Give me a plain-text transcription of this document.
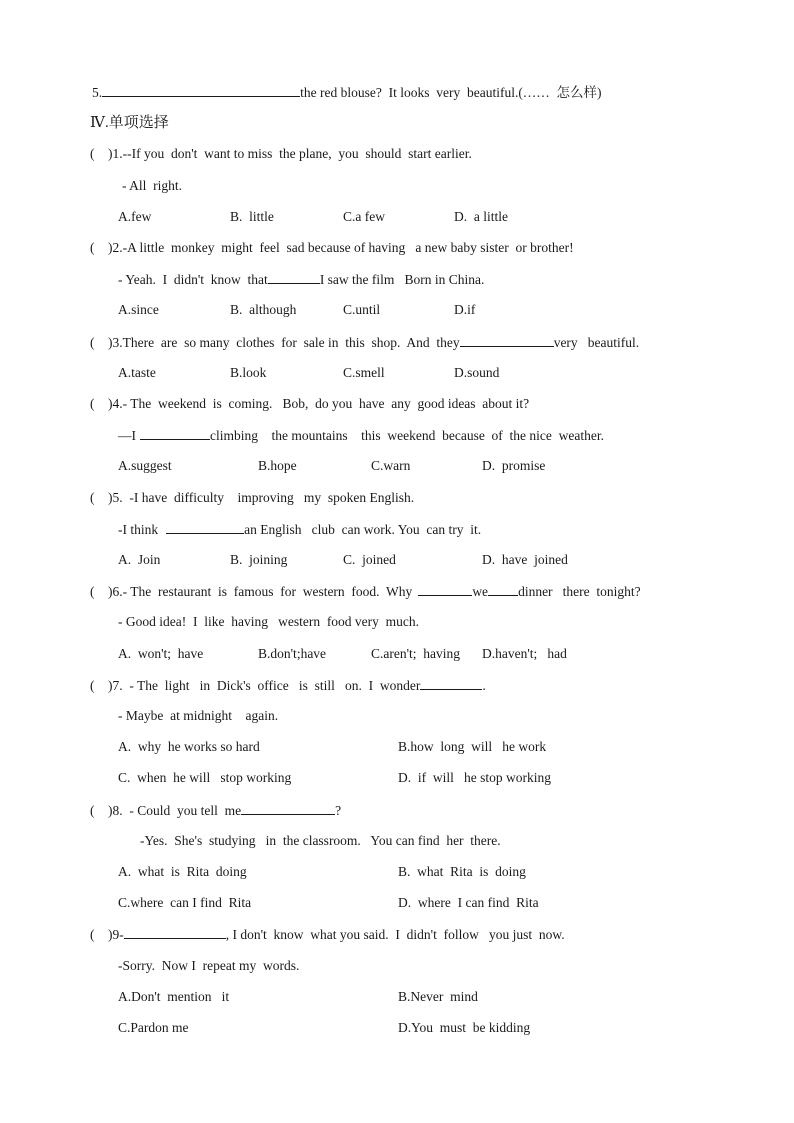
5.	the red blouse?  It looks  very  beautiful.(……  怎么样)
Ⅳ.单项选择
(    )1.--If you  don't  want to miss  the plane,  you  should  start earlier.
- All  right.
A.few	B.  little	C.a few	D.  a little
(    )2.-A little  monkey  might  feel  sad because of having   a new baby sister  or brother!
- Yeah.  I  didn't  know  that	I saw the film   Born in China.
A.since	B.  although	C.until	D.if
(    )3.There  are  so many  clothes  for  sale in  this  shop.  And  they	very   beautiful.
A.taste	B.look	C.smell	D.sound
(    )4.- The  weekend  is  coming.   Bob,  do you  have  any  good ideas  about it?
—I	climbing    the mountains    this  weekend  because  of  the nice  weather.
A.suggest	B.hope	C.warn	D.  promise
(    )5.  -I have  difficulty    improving   my  spoken English.
-I think	an English   club  can work. You  can try  it.
A.  Join	B.  joining	C.  joined	D.  have  joined
(    )6.- The  restaurant  is  famous  for  western  food.  Why	we dinner   there  tonight?
- Good idea!  I  like  having   western  food very  much.
A.  won't;  have	B.don't;have	C.aren't;  having D.haven't;   had
(    )7.  - The  light   in  Dick's  office   is  still   on.  I  wonder	.
- Maybe  at midnight    again.
A.  why  he works so hard	B.how  long  will   he work
C.  when  he will   stop working	D.  if  will   he stop working
(    )8.  - Could  you tell  me	?
-Yes.  She's  studying   in  the classroom.   You can find  her  there.
A.  what  is  Rita  doing	B.  what  Rita  is  doing
C.where  can I find  Rita	D.  where  I can find  Rita
(    )9-	, I don't  know  what you said.  I  didn't  follow   you just  now.
-Sorry.  Now I  repeat my  words.
A.Don't  mention   it	B.Never  mind
C.Pardon me	D.You  must  be kidding
